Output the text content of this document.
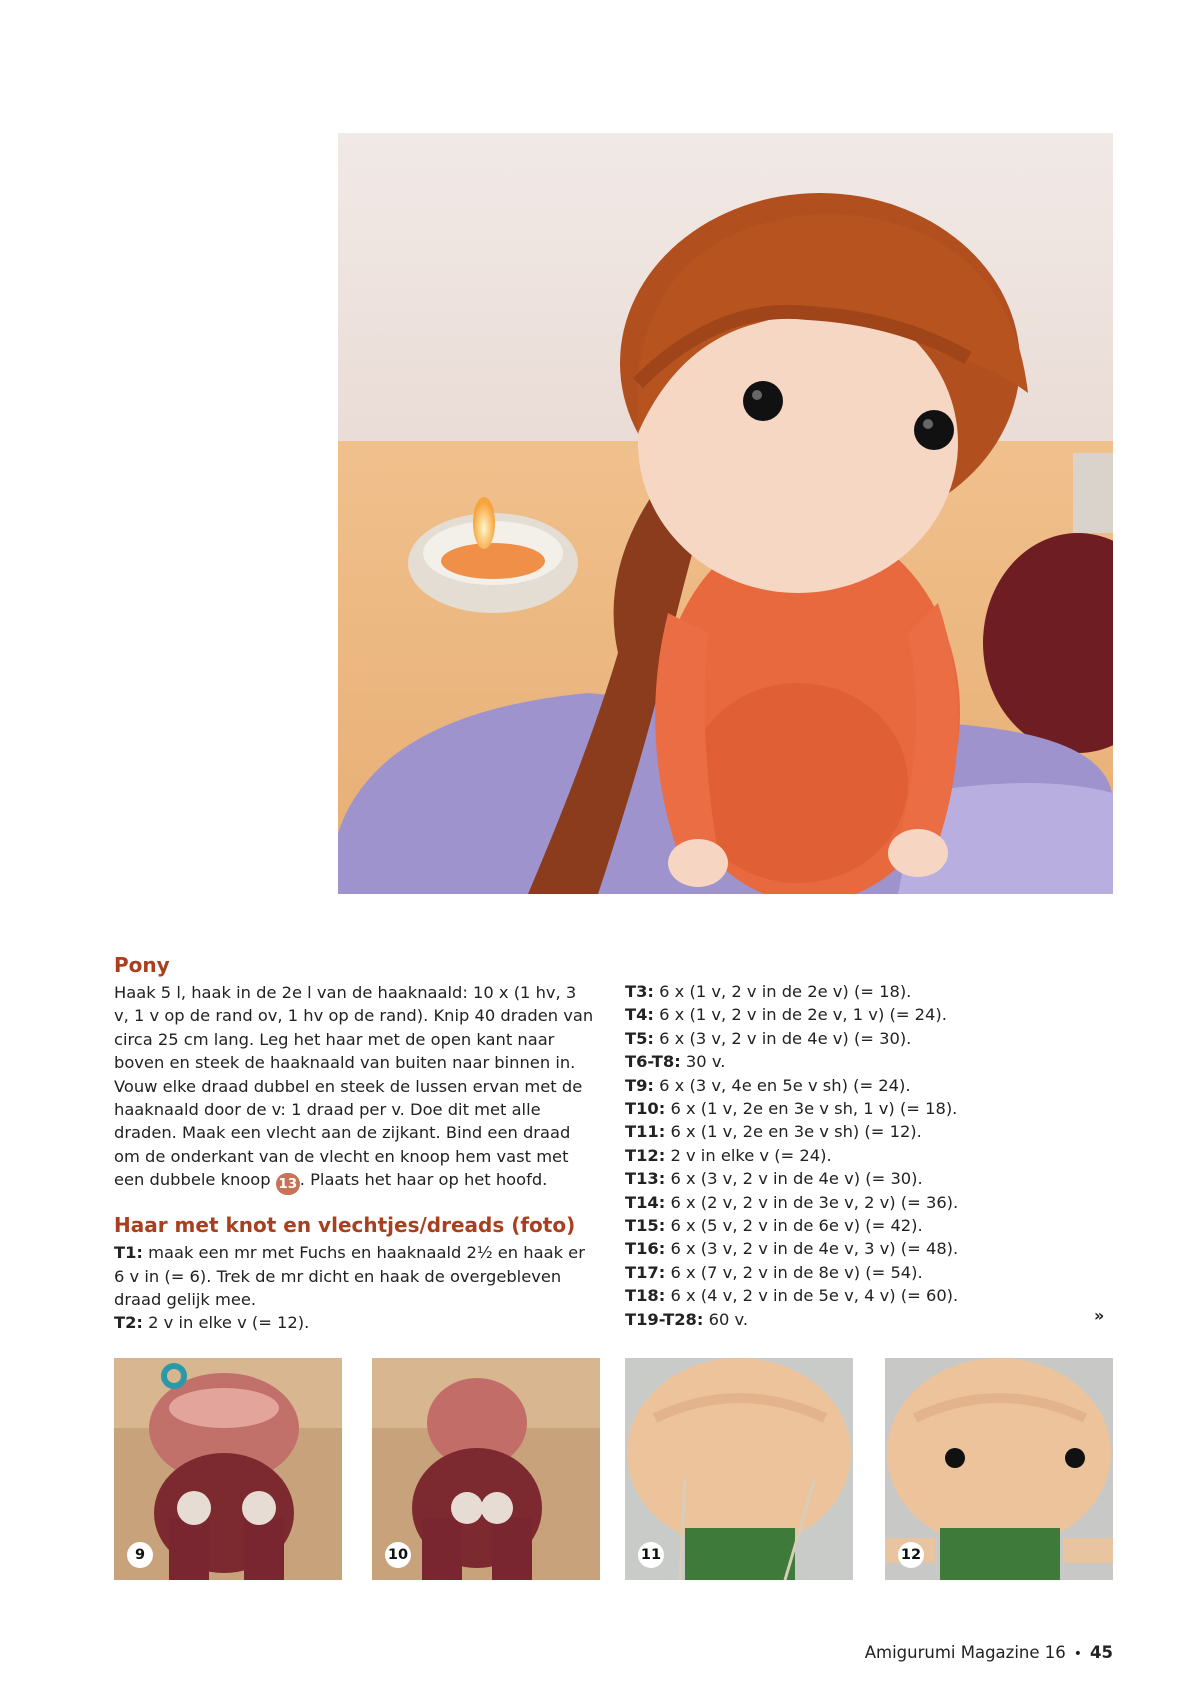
Pony

Haak 5 l, haak in de 2e l van de haaknaald: 10 x (1 hv, 3 v, 1 v op de rand ov, 1 hv op de rand). Knip 40 draden van circa 25 cm lang. Leg het haar met de open kant naar boven en steek de haaknaald van buiten naar binnen in. Vouw elke draad dubbel en steek de lussen ervan met de haaknaald door de v: 1 draad per v. Doe dit met alle draden. Maak een vlecht aan de zijkant. Bind een draad om de onderkant van de vlecht en knoop hem vast met een dubbele knoop 13 . Plaats het haar op het hoofd.

Haar met knot en vlechtjes/dreads (foto)

T1: maak een mr met Fuchs en haaknaald 2½ en haak er 6 v in (= 6). Trek de mr dicht en haak de overgebleven draad gelijk mee.

T2: 2 v in elke v (= 12).

T3: 6 x (1 v, 2 v in de 2e v) (= 18).

T4: 6 x (1 v, 2 v in de 2e v, 1 v) (= 24).

T5: 6 x (3 v, 2 v in de 4e v) (= 30).

T6-T8: 30 v.

T9: 6 x (3 v, 4e en 5e v sh) (= 24).

T10: 6 x (1 v, 2e en 3e v sh, 1 v) (= 18).

T11: 6 x (1 v, 2e en 3e v sh) (= 12).

T12: 2 v in elke v (= 24).

T13: 6 x (3 v, 2 v in de 4e v) (= 30).

T14: 6 x (2 v, 2 v in de 3e v, 2 v) (= 36).

T15: 6 x (5 v, 2 v in de 6e v) (= 42).

T16: 6 x (3 v, 2 v in de 4e v, 3 v) (= 48).

T17: 6 x (7 v, 2 v in de 8e v) (= 54).

T18: 6 x (4 v, 2 v in de 5e v, 4 v) (= 60).

T19-T28: 60 v.	»
9	10	11	12
Amigurumi Magazine 16 • 45
